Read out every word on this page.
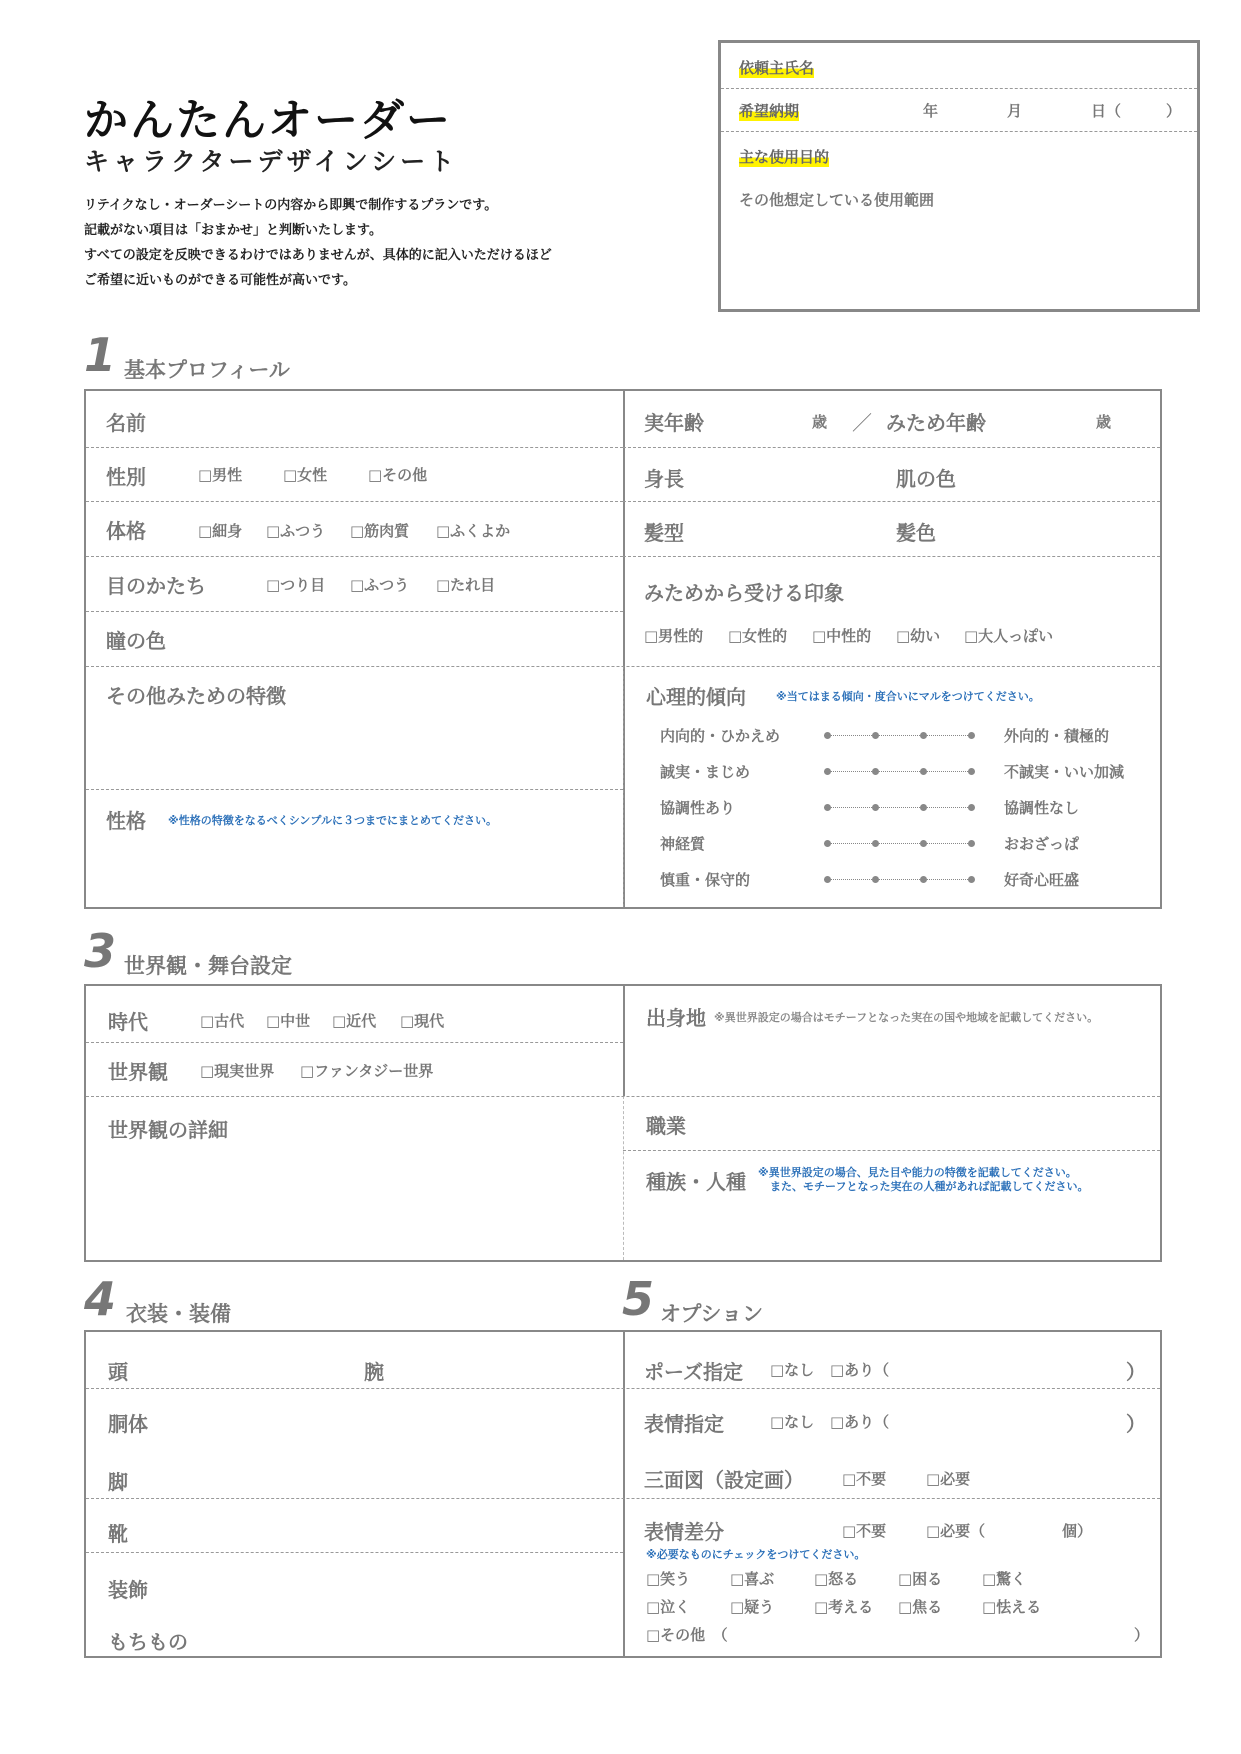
かんたんオーダー
キャラクターデザインシート
リテイクなし・オーダーシートの内容から即興で制作するプランです。
記載がない項目は「おまかせ」と判断いたします。
すべての設定を反映できるわけではありませんが、具体的に記入いただけるほど
ご希望に近いものができる可能性が高いです。
依頼主氏名
希望納期	年	月	日（　　　）
主な使用目的
その他想定している使用範囲
1 基本プロフィール
名前
性別	□男性	□女性	□その他
体格	□細身 □ふつう □筋肉質 □ふくよか
目のかたち	□つり目 □ふつう □たれ目
瞳の色
その他みための特徴
性格 ※性格の特徴をなるべくシンプルに３つまでにまとめてください。
実年齢	歳 ／ みため年齢	歳
身長	肌の色
髪型	髪色
みためから受ける印象
□男性的 □女性的 □中性的 □幼い □大人っぽい
心理的傾向	※当てはまる傾向・度合いにマルをつけてください。
内向的・ひかえめ	外向的・積極的
誠実・まじめ	不誠実・いい加減
協調性あり	協調性なし
神経質	おおざっぱ
慎重・保守的	好奇心旺盛
3 世界観・舞台設定
時代	□古代 □中世 □近代 □現代
世界観 □現実世界 □ファンタジー世界
世界観の詳細
出身地 ※異世界設定の場合はモチーフとなった実在の国や地域を記載してください。
職業
種族・人種 ※異世界設定の場合、見た目や能力の特徴を記載してください。
また、モチーフとなった実在の人種があれば記載してください。
4 衣装・装備	5 オプション
頭	腕
胴体
脚
靴
装飾
もちもの
ポーズ指定 □なし □あり（	）
表情指定	□なし □あり（	）
三面図（設定画）	□不要	□必要
表情差分	□不要	□必要（	個）
※必要なものにチェックをつけてください。
□笑う	□喜ぶ	□怒る	□困る	□驚く
□泣く	□疑う	□考える □焦る	□怯える
□その他　（	）
